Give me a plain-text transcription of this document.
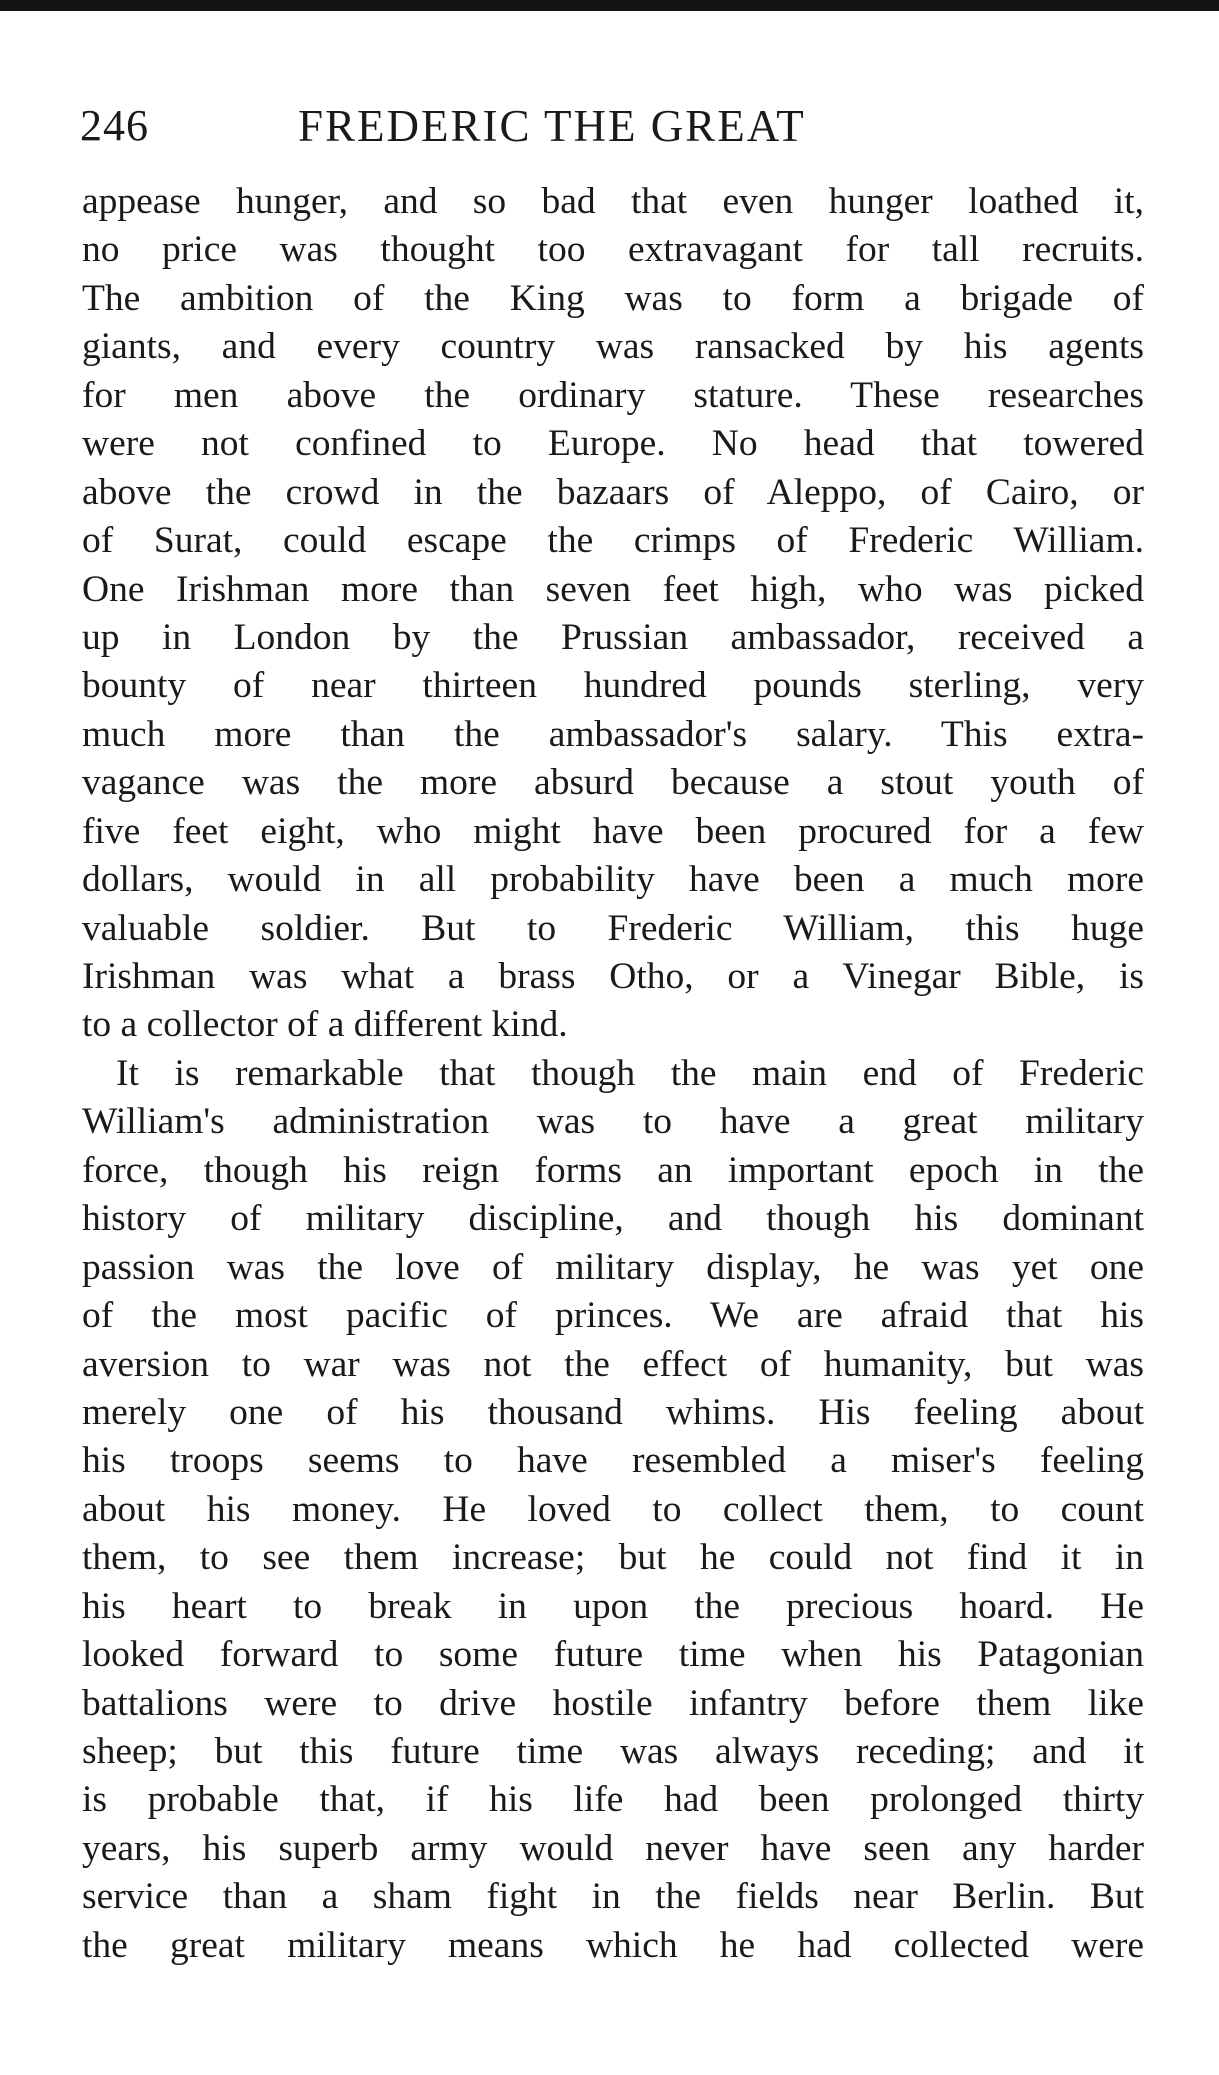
246	FREDERIC THE GREAT
appease hunger, and so bad that even hunger loathed it,
no price was thought too extravagant for tall recruits.
The ambition of the King was to form a brigade of
giants, and every country was ransacked by his agents
for men above the ordinary stature. These researches
were not confined to Europe. No head that towered
above the crowd in the bazaars of Aleppo, of Cairo, or
of Surat, could escape the crimps of Frederic William.
One Irishman more than seven feet high, who was picked
up in London by the Prussian ambassador, received a
bounty of near thirteen hundred pounds sterling, very
much more than the ambassador's salary. This extra-
vagance was the more absurd because a stout youth of
five feet eight, who might have been procured for a few
dollars, would in all probability have been a much more
valuable soldier. But to Frederic William, this huge
Irishman was what a brass Otho, or a Vinegar Bible, is
to a collector of a different kind.
It is remarkable that though the main end of Frederic
William's administration was to have a great military
force, though his reign forms an important epoch in the
history of military discipline, and though his dominant
passion was the love of military display, he was yet one
of the most pacific of princes. We are afraid that his
aversion to war was not the effect of humanity, but was
merely one of his thousand whims. His feeling about
his troops seems to have resembled a miser's feeling
about his money. He loved to collect them, to count
them, to see them increase; but he could not find it in
his heart to break in upon the precious hoard. He
looked forward to some future time when his Patagonian
battalions were to drive hostile infantry before them like
sheep; but this future time was always receding; and it
is probable that, if his life had been prolonged thirty
years, his superb army would never have seen any harder
service than a sham fight in the fields near Berlin. But
the great military means which he had collected were
